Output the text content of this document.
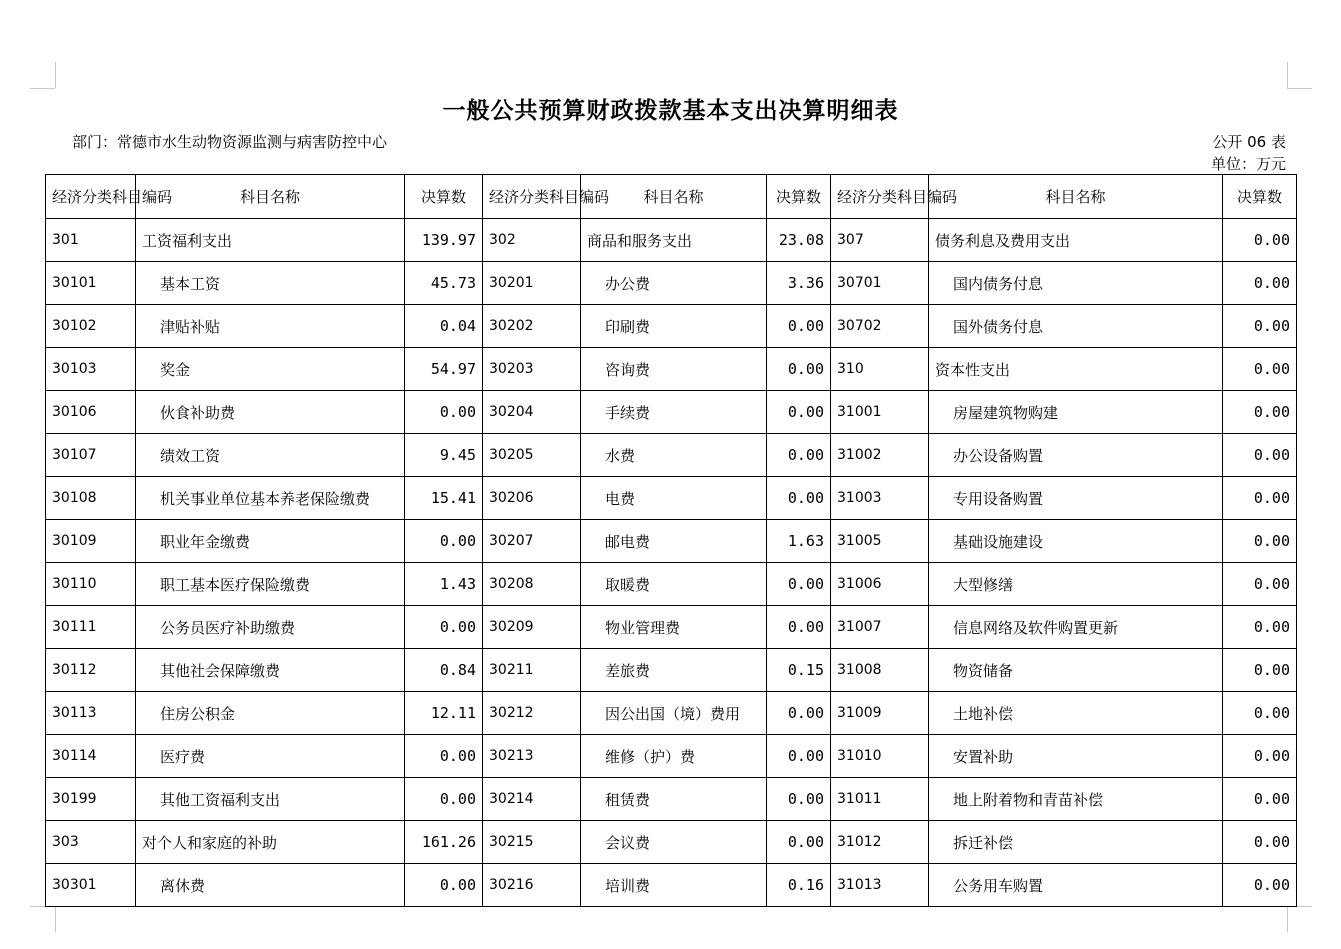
一般公共预算财政拨款基本支出决算明细表
部门：常德市水生动物资源监测与病害防控中心	公开 06 表
单位：万元
经济分类科目编码	科目名称	决算数	经济分类科目编码	科目名称	决算数	经济分类科目编码	科目名称	决算数
301	工资福利支出	139.97	302	商品和服务支出	23.08	307	债务利息及费用支出	0.00
30101	基本工资	45.73	30201	办公费	3.36	30701	国内债务付息	0.00
30102	津贴补贴	0.04	30202	印刷费	0.00	30702	国外债务付息	0.00
30103	奖金	54.97	30203	咨询费	0.00	310	资本性支出	0.00
30106	伙食补助费	0.00	30204	手续费	0.00	31001	房屋建筑物购建	0.00
30107	绩效工资	9.45	30205	水费	0.00	31002	办公设备购置	0.00
30108	机关事业单位基本养老保险缴费	15.41	30206	电费	0.00	31003	专用设备购置	0.00
30109	职业年金缴费	0.00	30207	邮电费	1.63	31005	基础设施建设	0.00
30110	职工基本医疗保险缴费	1.43	30208	取暖费	0.00	31006	大型修缮	0.00
30111	公务员医疗补助缴费	0.00	30209	物业管理费	0.00	31007	信息网络及软件购置更新	0.00
30112	其他社会保障缴费	0.84	30211	差旅费	0.15	31008	物资储备	0.00
30113	住房公积金	12.11	30212	因公出国（境）费用	0.00	31009	土地补偿	0.00
30114	医疗费	0.00	30213	维修（护）费	0.00	31010	安置补助	0.00
30199	其他工资福利支出	0.00	30214	租赁费	0.00	31011	地上附着物和青苗补偿	0.00
303	对个人和家庭的补助	161.26	30215	会议费	0.00	31012	拆迁补偿	0.00
30301	离休费	0.00	30216	培训费	0.16	31013	公务用车购置	0.00
